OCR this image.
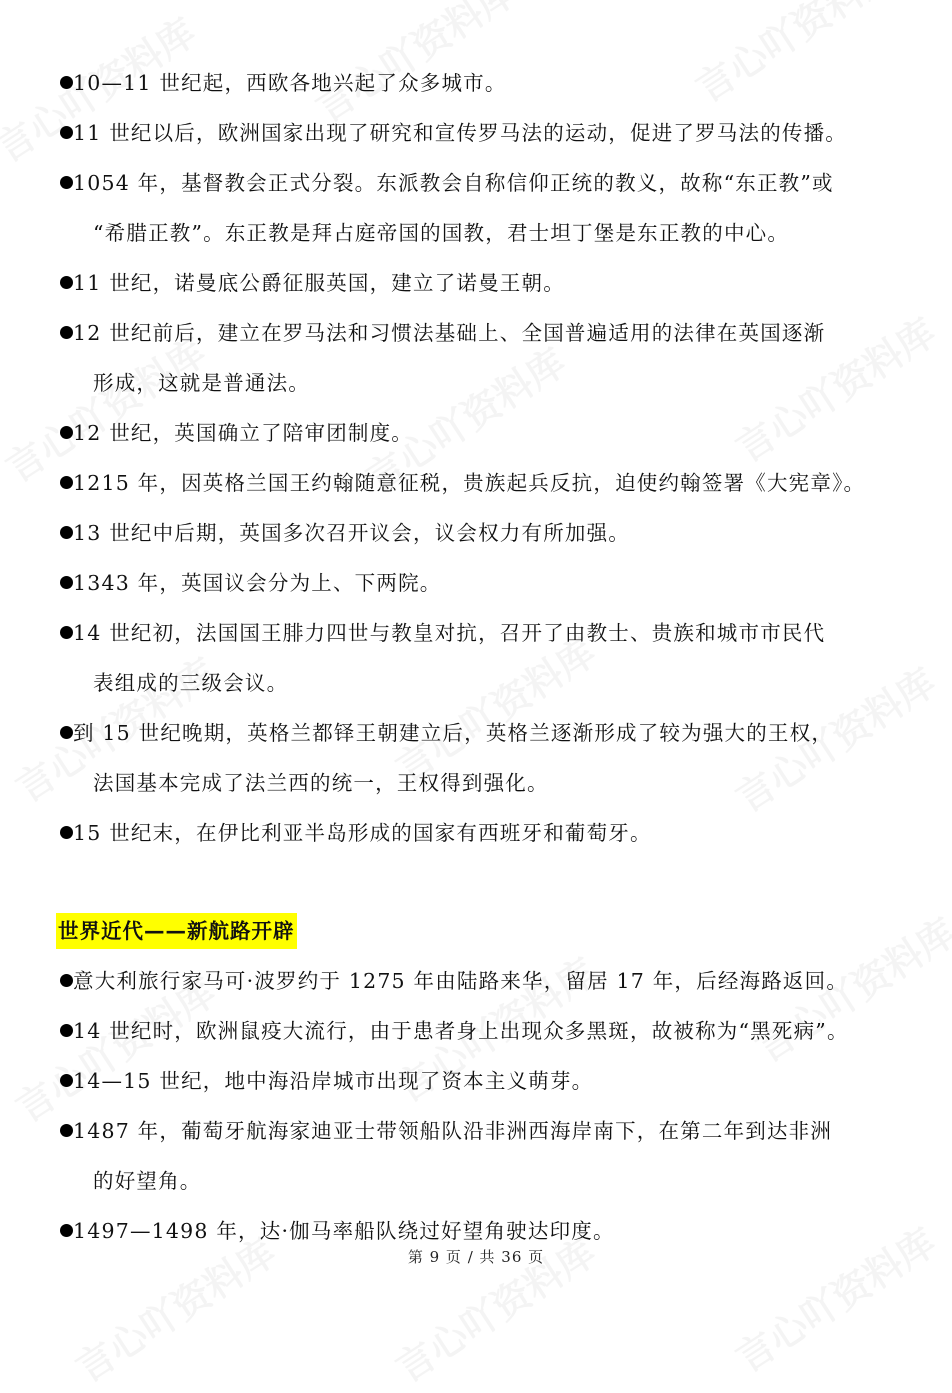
10—11 世纪起，西欧各地兴起了众多城市。
11 世纪以后，欧洲国家出现了研究和宣传罗马法的运动，促进了罗马法的传播。
1054 年，基督教会正式分裂。东派教会自称信仰正统的教义，故称“东正教”或
“希腊正教”。东正教是拜占庭帝国的国教，君士坦丁堡是东正教的中心。
11 世纪，诺曼底公爵征服英国，建立了诺曼王朝。
12 世纪前后，建立在罗马法和习惯法基础上、全国普遍适用的法律在英国逐渐
形成，这就是普通法。
12 世纪，英国确立了陪审团制度。
1215 年，因英格兰国王约翰随意征税，贵族起兵反抗，迫使约翰签署《大宪章》。
13 世纪中后期，英国多次召开议会，议会权力有所加强。
1343 年，英国议会分为上、下两院。
14 世纪初，法国国王腓力四世与教皇对抗，召开了由教士、贵族和城市市民代
表组成的三级会议。
到 15 世纪晚期，英格兰都铎王朝建立后，英格兰逐渐形成了较为强大的王权，
法国基本完成了法兰西的统一，王权得到强化。
15 世纪末，在伊比利亚半岛形成的国家有西班牙和葡萄牙。
世界近代——新航路开辟
意大利旅行家马可·波罗约于 1275 年由陆路来华，留居 17 年，后经海路返回。
14 世纪时，欧洲鼠疫大流行，由于患者身上出现众多黑斑，故被称为“黑死病”。
14—15 世纪，地中海沿岸城市出现了资本主义萌芽。
1487 年，葡萄牙航海家迪亚士带领船队沿非洲西海岸南下，在第二年到达非洲
的好望角。
1497—1498 年，达·伽马率船队绕过好望角驶达印度。
第 9 页 / 共 36 页
